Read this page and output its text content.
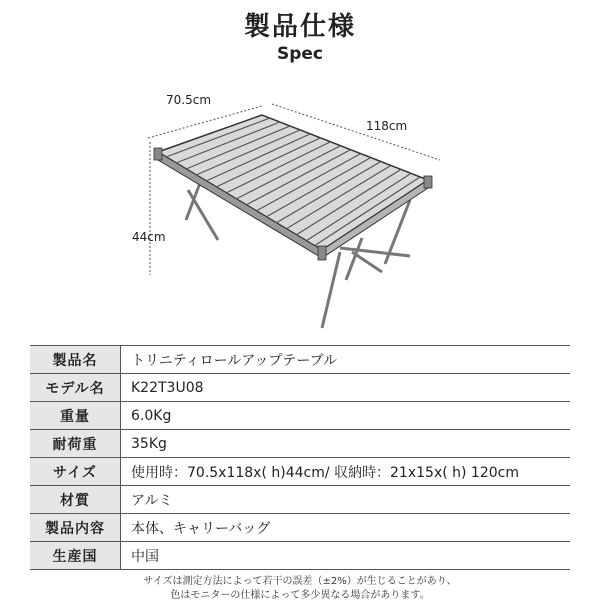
製品仕様
Spec
70.5cm
118cm
44cm
製品名	トリニティロールアップテーブル
モデル名	K22T3U08
重量	6.0Kg
耐荷重	35Kg
サイズ	使用時：70.5x118x( h)44cm/ 収納時：21x15x( h) 120cm
材質	アルミ
製品内容	本体、キャリーバッグ
生産国	中国
サイズは測定方法によって若干の誤差（±2%）が生じることがあり、
色はモニターの仕様によって多少異なる場合があります。
